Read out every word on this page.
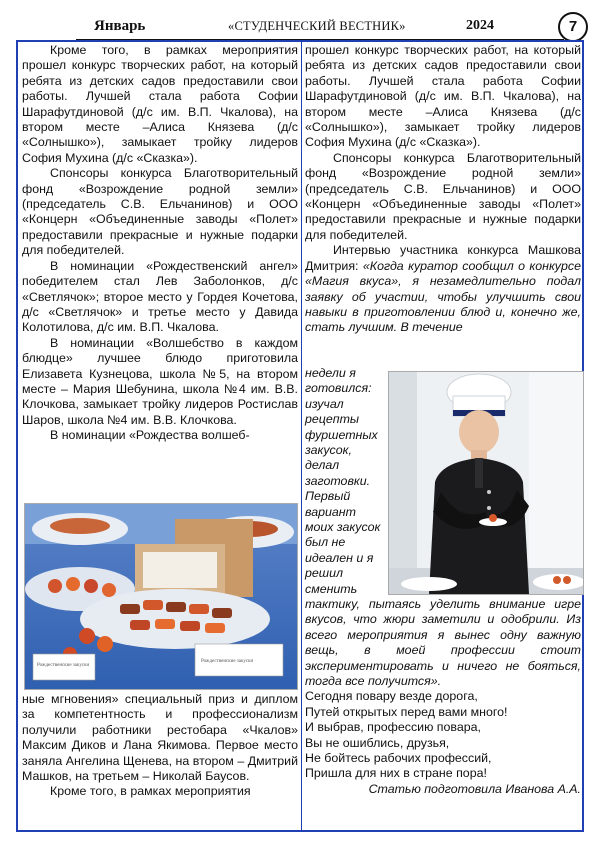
Январь	«СТУДЕНЧЕСКИЙ ВЕСТНИК»	2024	7

Кроме того, в рамках мероприятия прошел конкурс творческих работ, на который ребята из детских садов предоставили свои работы. Лучшей стала работа Софии Шарафутдиновой (д/с им. В.П. Чкалова), на втором месте –Алиса Князева (д/с «Солнышко»), замыкает тройку лидеров София Мухина (д/с «Сказка»).

Спонсоры конкурса Благотворительный фонд «Возрождение родной земли» (председатель С.В. Ельчанинов) и ООО «Концерн «Объединенные заводы «Полет» предоставили прекрасные и нужные подарки для победителей.

В номинации «Рождественский ангел» победителем стал Лев Заболонков, д/с «Светлячок»; второе место у Гордея Кочетова, д/с «Светлячок» и третье место у Давида Колотилова, д/с им. В.П. Чкалова.

В номинации «Волшебство в каждом блюдце» лучшее блюдо приготовила Елизавета Кузнецова, школа №5, на втором месте – Мария Шебунина, школа №4 им. В.В. Клочкова, замыкает тройку лидеров Ростислав Шаров, школа №4 им. В.В. Клочкова.

В номинации «Рождества волшеб-

Рождественские закуски
Рождественские закуски

ные мгновения» специальный приз и диплом за компетентность и профессионализм получили работники рестобара «Чкалов» Максим Диков и Лана Якимова. Первое место заняла Ангелина Щенева, на втором – Дмитрий Машков, на третьем – Николай Баусов.

Кроме того, в рамках мероприятия

прошел конкурс творческих работ, на который ребята из детских садов предоставили свои работы. Лучшей стала работа Софии Шарафутдиновой (д/с им. В.П. Чкалова), на втором месте –Алиса Князева (д/с «Солнышко»), замыкает тройку лидеров София Мухина (д/с «Сказка»).

Спонсоры конкурса Благотворительный фонд «Возрождение родной земли» (председатель С.В. Ельчанинов) и ООО «Концерн «Объединенные заводы «Полет» предоставили прекрасные и нужные подарки для победителей.

Интервью участника конкурса Машкова Дмитрия: «Когда куратор сообщил о конкурсе «Магия вкуса», я незамедлительно подал заявку об участии, чтобы улучшить свои навыки в приготовлении блюд и, конечно же, стать лучшим. В течение

недели я готовился: изучал рецепты фуршетных закусок, делал заготовки. Первый вариант моих закусок был не идеален и я решил сменить

тактику, пытаясь уделить внимание игре вкусов, что жюри заметили и одобрили. Из всего мероприятия я вынес одну важную вещь, в моей профессии стоит экспериментировать и ничего не бояться, тогда все получится».

Сегодня повару везде дорога,
Путей открытых перед вами много!
И выбрав, профессию повара,
Вы не ошиблись, друзья,
Не бойтесь рабочих профессий,
Пришла для них в стране пора!

Статью подготовила Иванова А.А.
